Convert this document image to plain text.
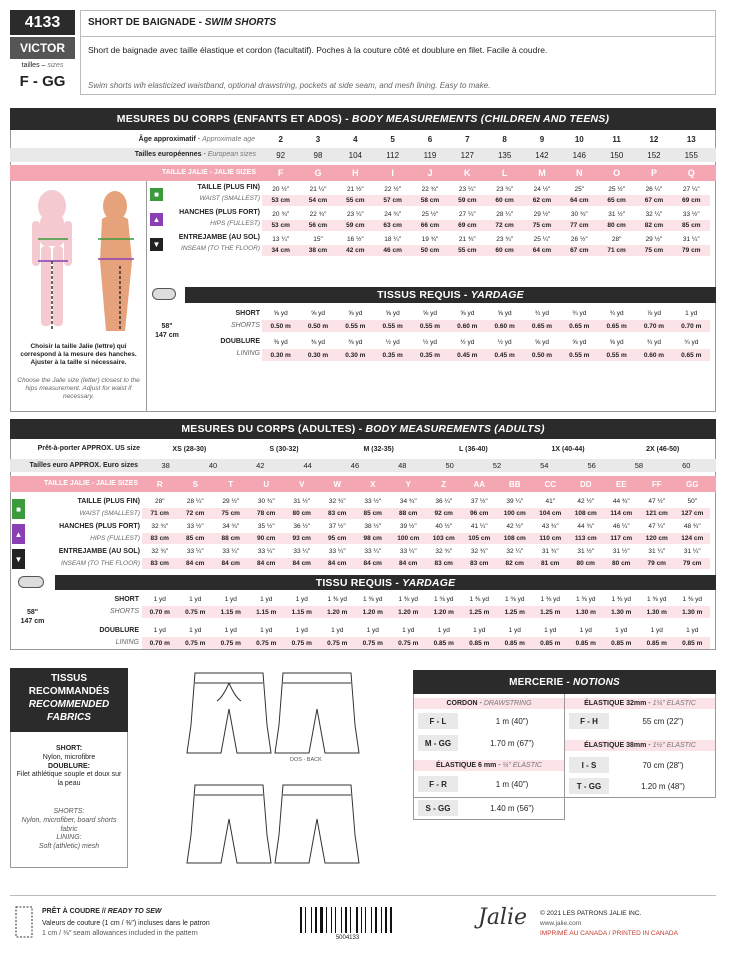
4133
VICTOR
tailles – sizes
F - GG
SHORT DE BAIGNADE - SWIM SHORTS
Short de baignade avec taille élastique et cordon (facultatif). Poches à la couture côté et doublure en filet. Facile à coudre.
Swim shorts wih elasticized waistband, optional drawstring, pockets at side seam, and mesh lining. Easy to make.
MESURES DU CORPS (ENFANTS ET ADOS) - BODY MEASUREMENTS (CHILDREN AND TEENS)
Âge approximatif - Approximate age	2	3	4	5	6	7	8	9	10	11	12	13
Tailles européennes - European sizes	92	98	104	112	119	127	135	142	146	150	152	155
TAILLE JALIE - JALIE SIZES	F	G	H	I	J	K	L	M	N	O	P	Q
Choisir la taille Jalie (lettre) qui correspond à la mesure des hanches. Ajuster à la taille si nécessaire.
Choose the Jalie size (letter) closest to the hips measurement. Adjust for waist if necessary.
■
▲
▼
TAILLE (PLUS FIN)
WAIST (SMALLEST)
HANCHES (PLUS FORT)
HIPS (FULLEST)
ENTREJAMBE (AU SOL)
INSEAM (TO THE FLOOR)
20 ½"	21 ¼"	21 ½"	22 ½"	22 ¾"	23 ¼"	23 ¾"	24 ½"	25"	25 ½"	26 ¼"	27 ¼"
53 cm	54 cm	55 cm	57 cm	58 cm	59 cm	60 cm	62 cm	64 cm	65 cm	67 cm	69 cm
20 ¾"	22 ¾"	23 ¼"	24 ¾"	25 ½"	27 ¼"	28 ¼"	29 ½"	30 ¾"	31 ½"	32 ¼"	33 ½"
53 cm	56 cm	59 cm	63 cm	66 cm	69 cm	72 cm	75 cm	77 cm	80 cm	82 cm	85 cm
13 ¼"	15"	16 ½"	18 ¼"	19 ¾"	21 ¾"	23 ¾"	25 ¼"	26 ½"	28"	29 ½"	31 ¼"
34 cm	38 cm	42 cm	46 cm	50 cm	55 cm	60 cm	64 cm	67 cm	71 cm	75 cm	79 cm
TISSUS REQUIS - YARDAGE
58"
147 cm
SHORT
SHORTS
DOUBLURE
LINING
⅝ yd	⅝ yd	⅝ yd	⅝ yd	⅝ yd	⅝ yd	⅝ yd	¾ yd	¾ yd	¾ yd	⅞ yd	1 yd
0.50 m	0.50 m	0.55 m	0.55 m	0.55 m	0.60 m	0.60 m	0.65 m	0.65 m	0.65 m	0.70 m	0.70 m
⅜ yd	⅜ yd	⅜ yd	½ yd	½ yd	½ yd	½ yd	⅝ yd	⅝ yd	⅝ yd	¾ yd	¾ yd
0.30 m	0.30 m	0.30 m	0.35 m	0.35 m	0.45 m	0.45 m	0.50 m	0.55 m	0.55 m	0.60 m	0.65 m
MESURES DU CORPS (ADULTES) - BODY MEASUREMENTS (ADULTS)
Prêt-à-porter APPROX. US size	XS (28-30)	S (30-32)	M (32-35)	L (36-40)	1X (40-44)	2X (46-50)
Tailles euro APPROX. Euro sizes	38	40	42	44	46	48	50	52	54	56	58	60
TAILLE JALIE - JALIE SIZES	R	S	T	U	V	W	X	Y	Z	AA	BB	CC	DD	EE	FF	GG
■
▲
▼
TAILLE (PLUS FIN)
WAIST (SMALLEST)
HANCHES (PLUS FORT)
HIPS (FULLEST)
ENTREJAMBE (AU SOL)
INSEAM (TO THE FLOOR)
28"	28 ¼"	29 ½"	30 ¾"	31 ½"	32 ¾"	33 ½"	34 ¾"	36 ¼"	37 ½"	39 ¼"	41"	42 ½"	44 ¾"	47 ½"	50"
71 cm	72 cm	75 cm	78 cm	80 cm	83 cm	85 cm	88 cm	92 cm	96 cm	100 cm	104 cm	108 cm	114 cm	121 cm	127 cm
32 ¾"	33 ½"	34 ¾"	35 ½"	36 ½"	37 ½"	38 ½"	39 ½"	40 ½"	41 ¼"	42 ½"	43 ¾"	44 ¾"	46 ¼"	47 ¼"	48 ¾"
83 cm	85 cm	88 cm	90 cm	93 cm	95 cm	98 cm	100 cm	103 cm	105 cm	108 cm	110 cm	113 cm	117 cm	120 cm	124 cm
32 ¾"	33 ¼"	33 ¼"	33 ¼"	33 ¼"	33 ¼"	33 ¼"	33 ¼"	32 ¾"	32 ¾"	32 ¼"	31 ¾"	31 ½"	31 ½"	31 ¼"	31 ¼"
83 cm	84 cm	84 cm	84 cm	84 cm	84 cm	84 cm	84 cm	83 cm	83 cm	82 cm	81 cm	80 cm	80 cm	79 cm	79 cm
TISSU REQUIS - YARDAGE
58"
147 cm
SHORT
SHORTS
DOUBLURE
LINING
1 yd	1 yd	1 yd	1 yd	1 yd	1 ⅜ yd	1 ⅜ yd	1 ⅜ yd	1 ⅜ yd	1 ⅜ yd	1 ⅜ yd	1 ⅜ yd	1 ⅜ yd	1 ⅜ yd	1 ⅜ yd	1 ⅜ yd
0.70 m	0.75 m	1.15 m	1.15 m	1.15 m	1.20 m	1.20 m	1.20 m	1.20 m	1.25 m	1.25 m	1.25 m	1.30 m	1.30 m	1.30 m	1.30 m
1 yd	1 yd	1 yd	1 yd	1 yd	1 yd	1 yd	1 yd	1 yd	1 yd	1 yd	1 yd	1 yd	1 yd	1 yd	1 yd
0.70 m	0.75 m	0.75 m	0.75 m	0.75 m	0.75 m	0.75 m	0.75 m	0.85 m	0.85 m	0.85 m	0.85 m	0.85 m	0.85 m	0.85 m	0.85 m
TISSUS
RECOMMANDÉS
RECOMMENDED
FABRICS
SHORT:
Nylon, microfibre
DOUBLURE:
Filet athlétique souple et doux sur la peau
SHORTS:
Nylon, microfiber, board shorts fabric
LINING:
Soft (athletic) mesh
DOS - BACK
MERCERIE - NOTIONS
CORDON - DRAWSTRING
F - L	1 m (40")
M - GG	1.70 m (67")
ÉLASTIQUE 6 mm - ¼" ELASTIC
F - R	1 m (40")
S - GG	1.40 m (56")
ÉLASTIQUE 32mm - 1¼" ELASTIC
F - H	55 cm (22")
ÉLASTIQUE 38mm - 1½" ELASTIC
I - S	70 cm (28")
T - GG	1.20 m (48")
PRÊT À COUDRE // READY TO SEW
Valeurs de couture (1 cm / ⅜") incluses dans le patron
1 cm / ⅜" seam allowances included in the pattern
5004133
Jalie © 2021 LES PATRONS JALIE INC.
www.jalie.com
IMPRIMÉ AU CANADA / PRINTED IN CANADA
